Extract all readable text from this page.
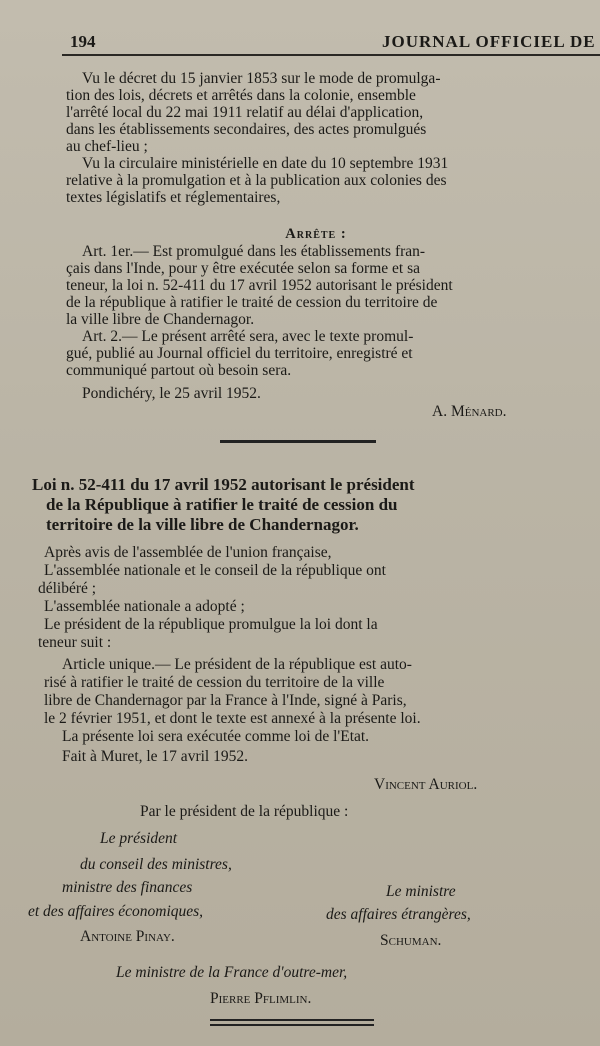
194	JOURNAL OFFICIEL DE
Vu le décret du 15 janvier 1853 sur le mode de promulga-
tion des lois, décrets et arrêtés dans la colonie, ensemble
l'arrêté local du 22 mai 1911 relatif au délai d'application,
dans les établissements secondaires, des actes promulgués
au chef-lieu ;
Vu la circulaire ministérielle en date du 10 septembre 1931
relative à la promulgation et à la publication aux colonies des
textes législatifs et réglementaires,
Arrête :
Art. 1er.— Est promulgué dans les établissements fran-
çais dans l'Inde, pour y être exécutée selon sa forme et sa
teneur, la loi n. 52-411 du 17 avril 1952 autorisant le président
de la république à ratifier le traité de cession du territoire de
la ville libre de Chandernagor.
Art. 2.— Le présent arrêté sera, avec le texte promul-
gué, publié au Journal officiel du territoire, enregistré et
communiqué partout où besoin sera.
Pondichéry, le 25 avril 1952.
A. Ménard.
Loi n. 52-411 du 17 avril 1952 autorisant le président
de la République à ratifier le traité de cession du
territoire de la ville libre de Chandernagor.
Après avis de l'assemblée de l'union française,
L'assemblée nationale et le conseil de la république ont
délibéré ;
L'assemblée nationale a adopté ;
Le président de la république promulgue la loi dont la
teneur suit :
Article unique.— Le président de la république est auto-
risé à ratifier le traité de cession du territoire de la ville
libre de Chandernagor par la France à l'Inde, signé à Paris,
le 2 février 1951, et dont le texte est annexé à la présente loi.
La présente loi sera exécutée comme loi de l'Etat.
Fait à Muret, le 17 avril 1952.
Vincent Auriol.
Par le président de la république :
Le président
du conseil des ministres,
ministre des finances
et des affaires économiques,
Antoine Pinay.
Le ministre
des affaires étrangères,
Schuman.
Le ministre de la France d'outre-mer,
Pierre Pflimlin.
